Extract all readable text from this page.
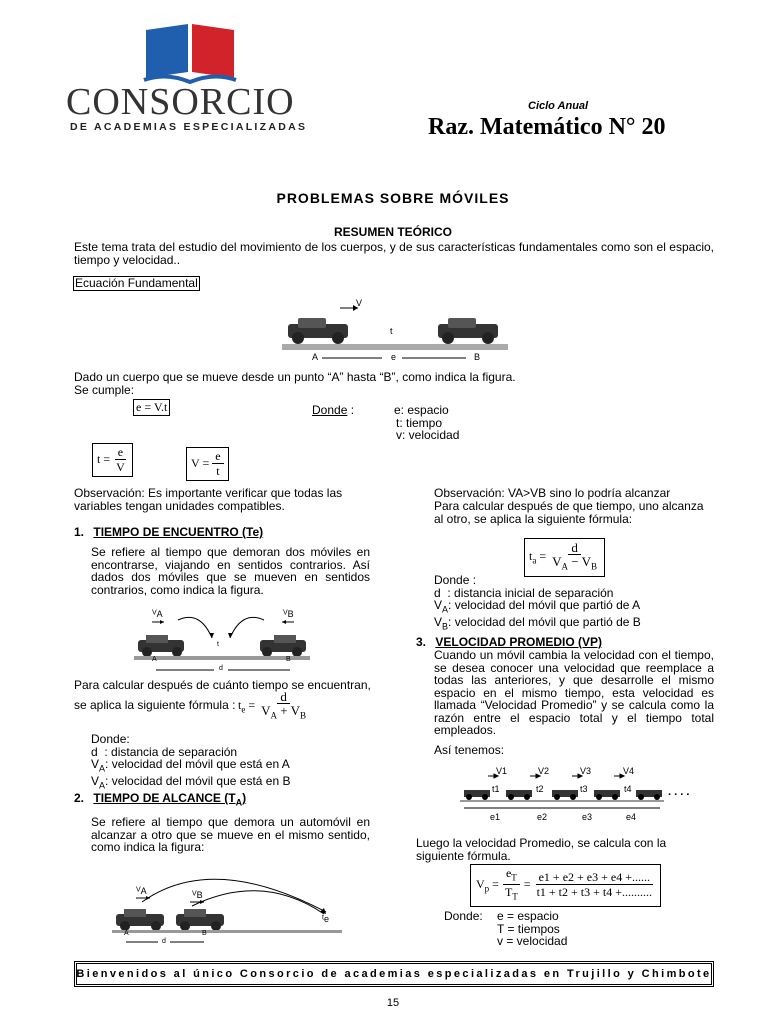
CONSORCIO
DE ACADEMIAS ESPECIALIZADAS
Ciclo Anual
Raz. Matemático N° 20
PROBLEMAS SOBRE MÓVILES
RESUMEN TEÓRICO
Este tema trata del estudio del movimiento de los cuerpos, y de sus características fundamentales como son el espacio, tiempo y velocidad..
Ecuación Fundamental
V
t
A	e	B
Dado un cuerpo que se mueve desde un punto “A” hasta “B”, como indica la figura.
Se cumple:
e = V.t	Donde :	e: espacio
t: tiempo
v: velocidad
$t = \frac{e}{V}$	$V = \frac{e}{t}$
Observación: Es importante verificar que todas las variables tengan unidades compatibles.
1. TIEMPO DE ENCUENTRO (Te)
Se refiere al tiempo que demoran dos móviles en encontrarse, viajando en sentidos contrarios. Así dados dos móviles que se mueven en sentidos contrarios, como indica la figura.
$V_A$	$V_B$
t
A
d
B
Para calcular después de cuánto tiempo se encuentran,
se aplica la siguiente fórmula : $t_e = \frac{d}{V_A + V_B}$
Donde:
d  : distancia de separación
$V_A$: velocidad del móvil que está en A
$V_A$: velocidad del móvil que está en B
2. TIEMPO DE ALCANCE $(T_A)$
Se refiere al tiempo que demora un automóvil en alcanzar a otro que se mueve en el mismo sentido, como indica la figura:
$V_A$	$V_B$
$t_e$
A	B
d
Observación: VA>VB sino lo podría alcanzar
Para calcular después de que tiempo, uno alcanza al otro, se aplica la siguiente fórmula:
$t_a = \frac{d}{V_A - V_B}$
Donde :
d  : distancia inicial de separación
$V_A$: velocidad del móvil que partió de A
$V_B$: velocidad del móvil que partió de B
3. VELOCIDAD PROMEDIO (VP)
Cuando un móvil cambia la velocidad con el tiempo, se desea conocer una velocidad que reemplace a todas las anteriores, y que desarrolle el mismo espacio en el mismo tiempo, esta velocidad es llamada “Velocidad Promedio” y se calcula como la razón entre el espacio total y el tiempo total empleados.
Así tenemos:
V1	V2	V3	V4
t1	t2	t3	t4	. . . .
e1	e2	e3	e4
Luego la velocidad Promedio, se calcula con la siguiente fórmula.
$V_p = \frac{e_T}{T_T} = \frac{e1 + e2 + e3 + e4 +......}{t1 + t2 + t3 + t4 +..........}$
Donde: e = espacio
T = tiempos
v = velocidad
Bienvenidos al único Consorcio de academias especializadas en Trujillo y Chimbote
15
